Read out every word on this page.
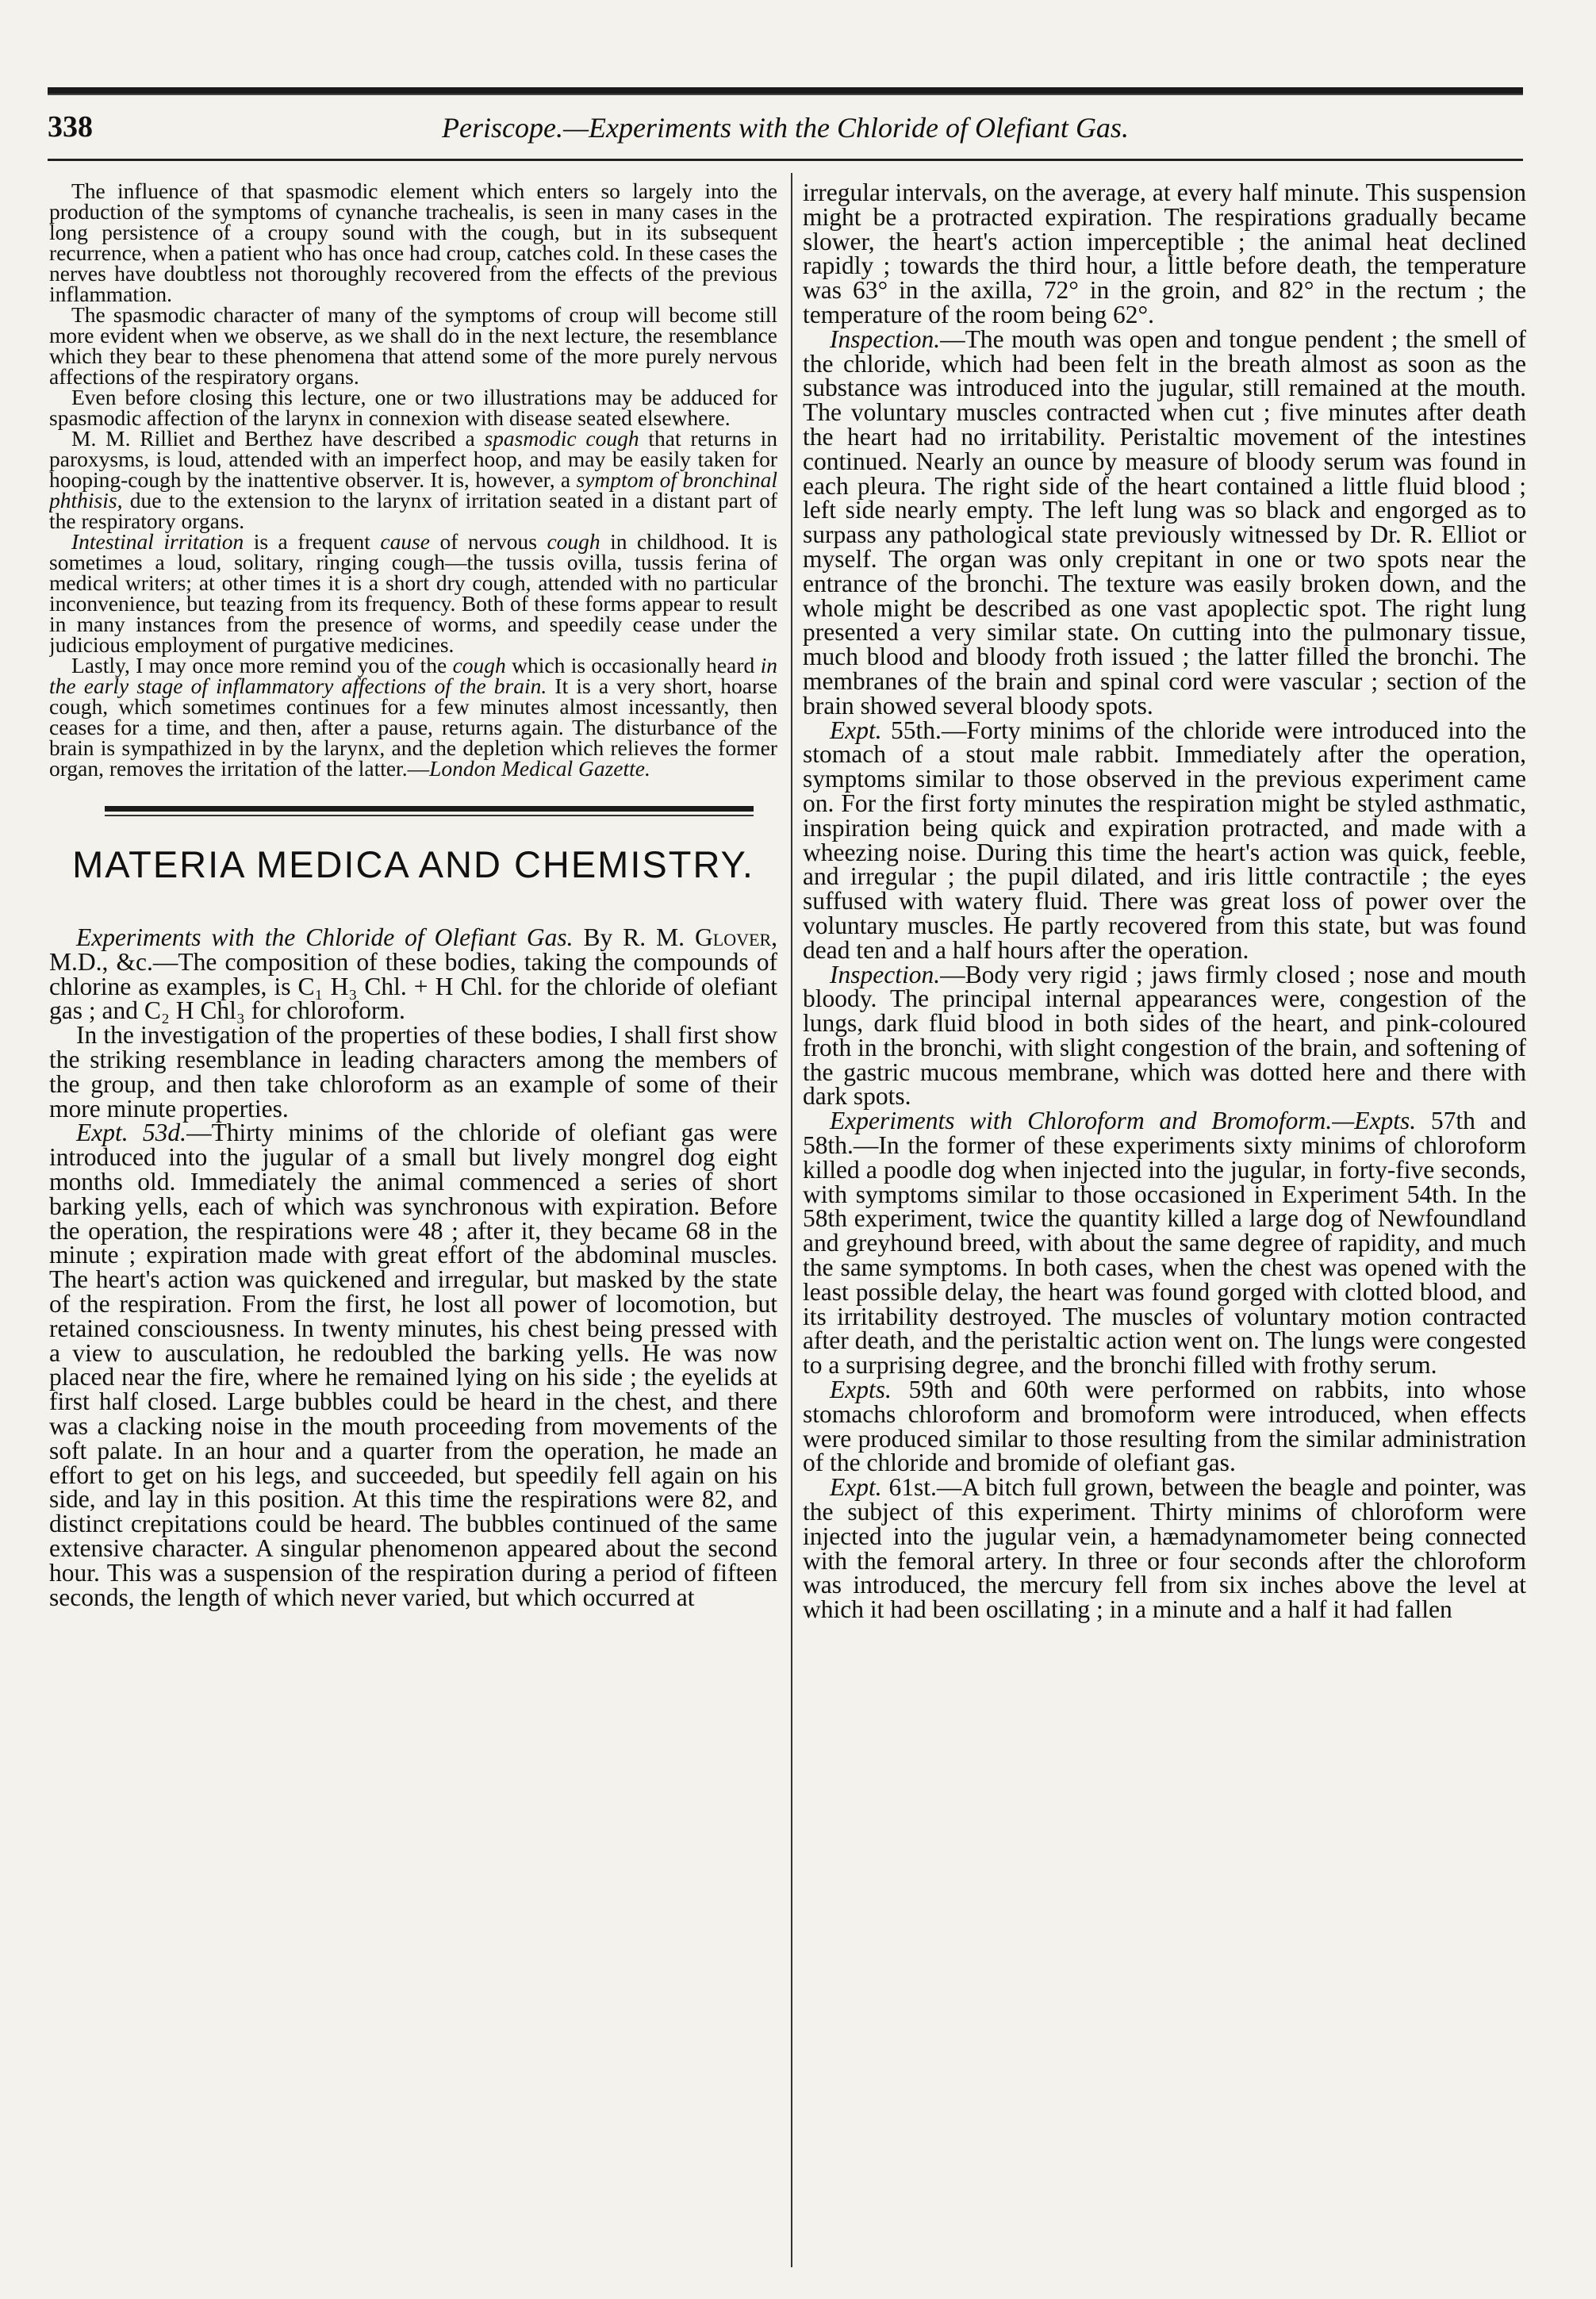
338	Periscope.—Experiments with the Chloride of Olefiant Gas.

The influence of that spasmodic element which enters so largely into the production of the symptoms of cynanche trachealis, is seen in many cases in the long persistence of a croupy sound with the cough, but in its subsequent recurrence, when a patient who has once had croup, catches cold. In these cases the nerves have doubtless not thoroughly recovered from the effects of the previous inflammation.

The spasmodic character of many of the symptoms of croup will become still more evident when we observe, as we shall do in the next lecture, the resemblance which they bear to these phenomena that attend some of the more purely nervous affections of the respiratory organs.

Even before closing this lecture, one or two illustrations may be adduced for spasmodic affection of the larynx in connexion with disease seated elsewhere.

M. M. Rilliet and Berthez have described a spasmodic cough that returns in paroxysms, is loud, attended with an imperfect hoop, and may be easily taken for hooping-cough by the inattentive observer. It is, however, a symptom of bronchinal phthisis, due to the extension to the larynx of irritation seated in a distant part of the respiratory organs.

Intestinal irritation is a frequent cause of nervous cough in childhood. It is sometimes a loud, solitary, ringing cough—the tussis ovilla, tussis ferina of medical writers; at other times it is a short dry cough, attended with no particular inconvenience, but teazing from its frequency. Both of these forms appear to result in many instances from the presence of worms, and speedily cease under the judicious employment of purgative medicines.

Lastly, I may once more remind you of the cough which is occasionally heard in the early stage of inflammatory affections of the brain. It is a very short, hoarse cough, which sometimes continues for a few minutes almost incessantly, then ceases for a time, and then, after a pause, returns again. The disturbance of the brain is sympathized in by the larynx, and the depletion which relieves the former organ, removes the irritation of the latter.—London Medical Gazette.

MATERIA MEDICA AND CHEMISTRY.

Experiments with the Chloride of Olefiant Gas. By R. M. Glover, M.D., &c.—The composition of these bodies, taking the compounds of chlorine as examples, is C₁ H₃ Chl. + H Chl. for the chloride of olefiant gas ; and C₂ H Chl₃ for chloroform.

In the investigation of the properties of these bodies, I shall first show the striking resemblance in leading characters among the members of the group, and then take chloroform as an example of some of their more minute properties.

Expt. 53d.—Thirty minims of the chloride of olefiant gas were introduced into the jugular of a small but lively mongrel dog eight months old. Immediately the animal commenced a series of short barking yells, each of which was synchronous with expiration. Before the operation, the respirations were 48 ; after it, they became 68 in the minute ; expiration made with great effort of the abdominal muscles. The heart's action was quickened and irregular, but masked by the state of the respiration. From the first, he lost all power of locomotion, but retained consciousness. In twenty minutes, his chest being pressed with a view to ausculation, he redoubled the barking yells. He was now placed near the fire, where he remained lying on his side ; the eyelids at first half closed. Large bubbles could be heard in the chest, and there was a clacking noise in the mouth proceeding from movements of the soft palate. In an hour and a quarter from the operation, he made an effort to get on his legs, and succeeded, but speedily fell again on his side, and lay in this position. At this time the respirations were 82, and distinct crepitations could be heard. The bubbles continued of the same extensive character. A singular phenomenon appeared about the second hour. This was a suspension of the respiration during a period of fifteen seconds, the length of which never varied, but which occurred at

irregular intervals, on the average, at every half minute. This suspension might be a protracted expiration. The respirations gradually became slower, the heart's action imperceptible ; the animal heat declined rapidly ; towards the third hour, a little before death, the temperature was 63° in the axilla, 72° in the groin, and 82° in the rectum ; the temperature of the room being 62°.

Inspection.—The mouth was open and tongue pendent ; the smell of the chloride, which had been felt in the breath almost as soon as the substance was introduced into the jugular, still remained at the mouth. The voluntary muscles contracted when cut ; five minutes after death the heart had no irritability. Peristaltic movement of the intestines continued. Nearly an ounce by measure of bloody serum was found in each pleura. The right side of the heart contained a little fluid blood ; left side nearly empty. The left lung was so black and engorged as to surpass any pathological state previously witnessed by Dr. R. Elliot or myself. The organ was only crepitant in one or two spots near the entrance of the bronchi. The texture was easily broken down, and the whole might be described as one vast apoplectic spot. The right lung presented a very similar state. On cutting into the pulmonary tissue, much blood and bloody froth issued ; the latter filled the bronchi. The membranes of the brain and spinal cord were vascular ; section of the brain showed several bloody spots.

Expt. 55th.—Forty minims of the chloride were introduced into the stomach of a stout male rabbit. Immediately after the operation, symptoms similar to those observed in the previous experiment came on. For the first forty minutes the respiration might be styled asthmatic, inspiration being quick and expiration protracted, and made with a wheezing noise. During this time the heart's action was quick, feeble, and irregular ; the pupil dilated, and iris little contractile ; the eyes suffused with watery fluid. There was great loss of power over the voluntary muscles. He partly recovered from this state, but was found dead ten and a half hours after the operation.

Inspection.—Body very rigid ; jaws firmly closed ; nose and mouth bloody. The principal internal appearances were, congestion of the lungs, dark fluid blood in both sides of the heart, and pink-coloured froth in the bronchi, with slight congestion of the brain, and softening of the gastric mucous membrane, which was dotted here and there with dark spots.

Experiments with Chloroform and Bromoform.—Expts. 57th and 58th.—In the former of these experiments sixty minims of chloroform killed a poodle dog when injected into the jugular, in forty-five seconds, with symptoms similar to those occasioned in Experiment 54th. In the 58th experiment, twice the quantity killed a large dog of Newfoundland and greyhound breed, with about the same degree of rapidity, and much the same symptoms. In both cases, when the chest was opened with the least possible delay, the heart was found gorged with clotted blood, and its irritability destroyed. The muscles of voluntary motion contracted after death, and the peristaltic action went on. The lungs were congested to a surprising degree, and the bronchi filled with frothy serum.

Expts. 59th and 60th were performed on rabbits, into whose stomachs chloroform and bromoform were introduced, when effects were produced similar to those resulting from the similar administration of the chloride and bromide of olefiant gas.

Expt. 61st.—A bitch full grown, between the beagle and pointer, was the subject of this experiment. Thirty minims of chloroform were injected into the jugular vein, a hæmadynamometer being connected with the femoral artery. In three or four seconds after the chloroform was introduced, the mercury fell from six inches above the level at which it had been oscillating ; in a minute and a half it had fallen
